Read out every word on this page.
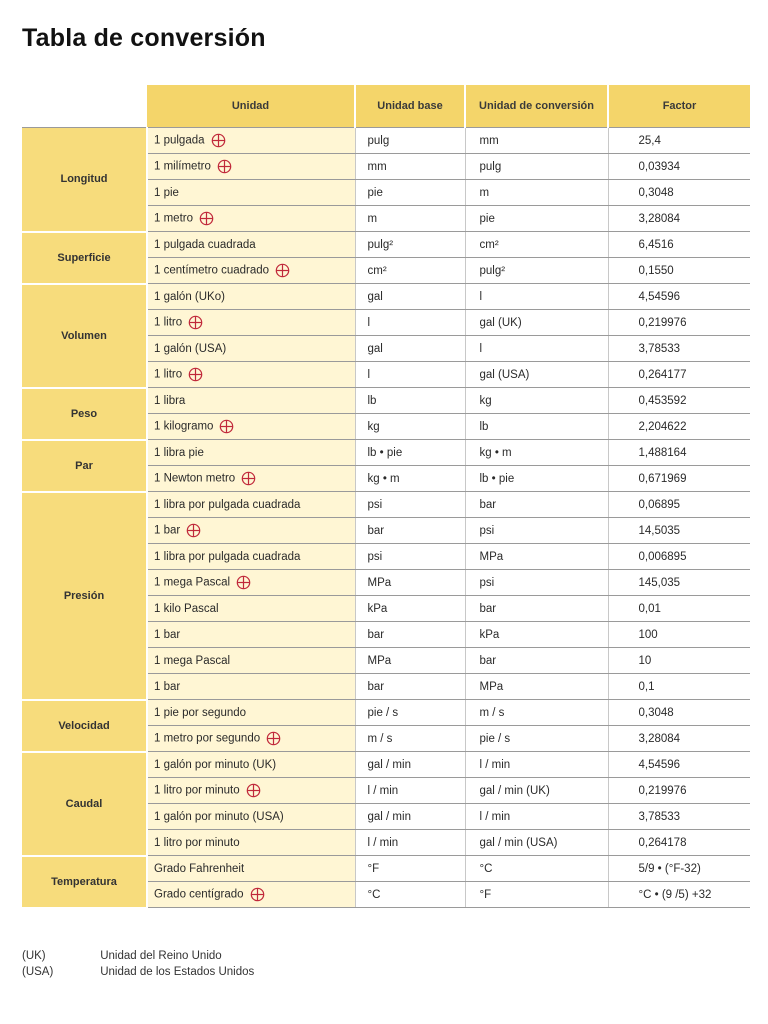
Tabla de conversión
	Unidad	Unidad base	Unidad de conversión	Factor
Longitud	1 pulgada	pulg	mm	25,4
	1 milímetro	mm	pulg	0,03934
	1 pie	pie	m	0,3048
	1 metro	m	pie	3,28084
Superficie	1 pulgada cuadrada	pulg²	cm²	6,4516
	1 centímetro cuadrado	cm²	pulg²	0,1550
Volumen	1 galón (UKo)	gal	l	4,54596
	1 litro	l	gal (UK)	0,219976
	1 galón (USA)	gal	l	3,78533
	1 litro	l	gal (USA)	0,264177
Peso	1 libra	lb	kg	0,453592
	1 kilogramo	kg	lb	2,204622
Par	1 libra pie	lb • pie	kg • m	1,488164
	1 Newton metro	kg • m	lb • pie	0,671969
Presión	1 libra por pulgada cuadrada	psi	bar	0,06895
	1 bar	bar	psi	14,5035
	1 libra por pulgada cuadrada	psi	MPa	0,006895
	1 mega Pascal	MPa	psi	145,035
	1 kilo Pascal	kPa	bar	0,01
	1 bar	bar	kPa	100
	1 mega Pascal	MPa	bar	10
	1 bar	bar	MPa	0,1
Velocidad	1 pie por segundo	pie / s	m / s	0,3048
	1 metro por segundo	m / s	pie / s	3,28084
Caudal	1 galón por minuto (UK)	gal / min	l / min	4,54596
	1 litro por minuto	l / min	gal / min (UK)	0,219976
	1 galón por minuto (USA)	gal / min	l / min	3,78533
	1 litro por minuto	l / min	gal / min (USA)	0,264178
Temperatura	Grado Fahrenheit	°F	°C	5/9 • (°F-32)
	Grado centígrado	°C	°F	°C • (9 /5) +32
(UK)	Unidad del Reino Unido
(USA)	Unidad de los Estados Unidos
